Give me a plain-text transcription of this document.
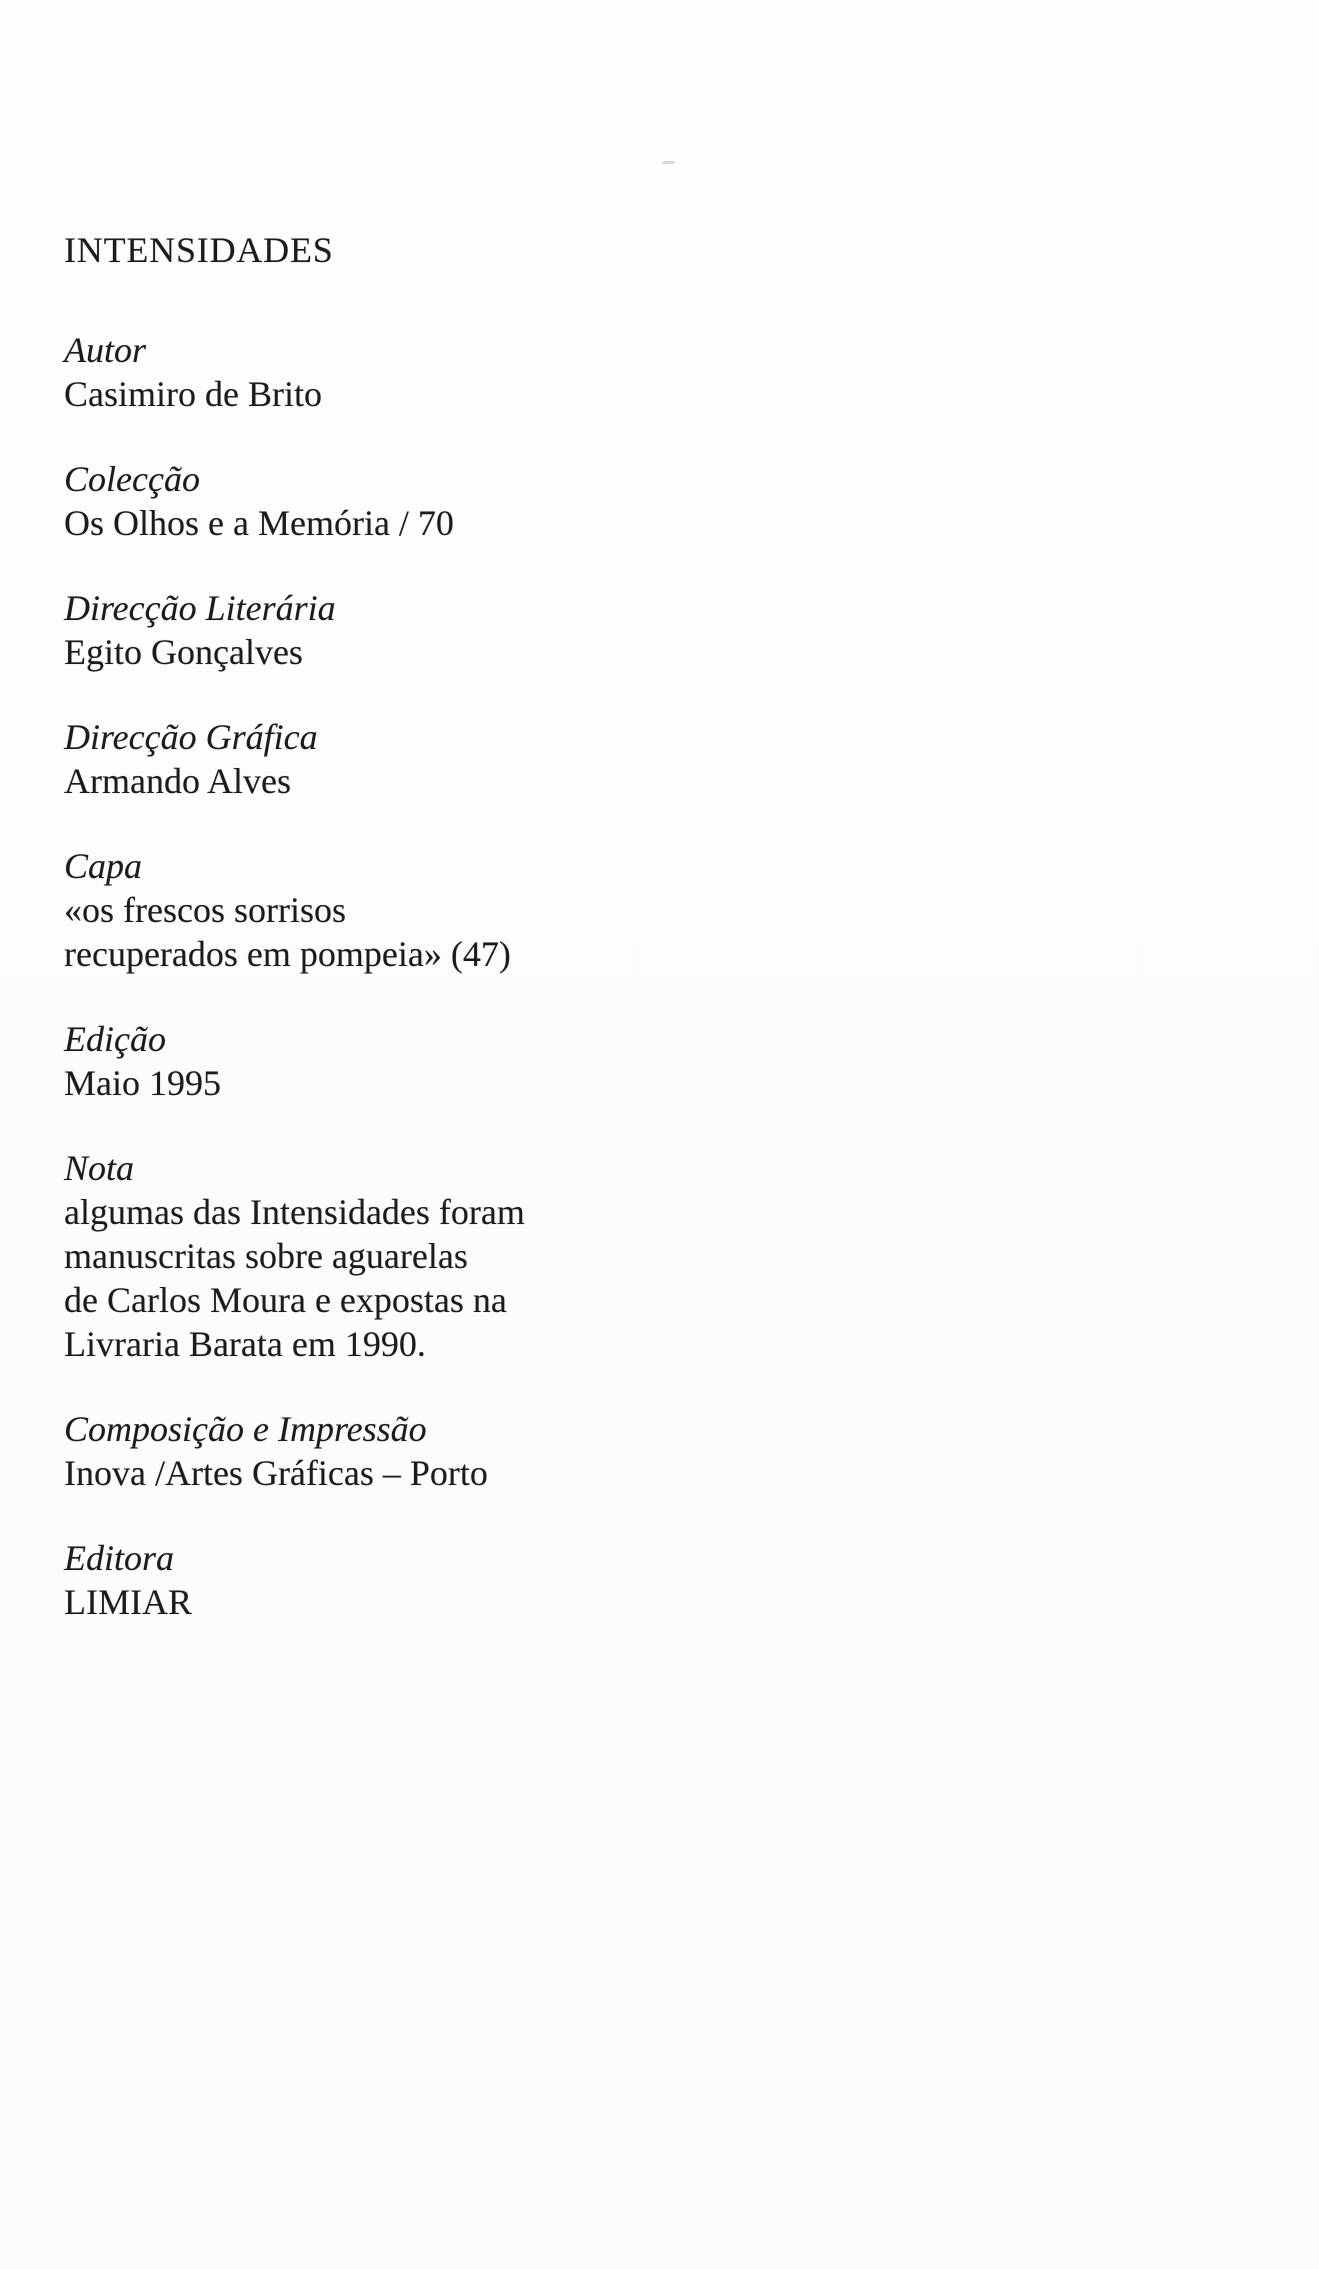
INTENSIDADES

Autor

Casimiro de Brito

Colecção

Os Olhos e a Memória / 70

Direcção Literária

Egito Gonçalves

Direcção Gráfica

Armando Alves

Capa

«os frescos sorrisos

recuperados em pompeia» (47)

Edição

Maio 1995

Nota

algumas das Intensidades foram

manuscritas sobre aguarelas

de Carlos Moura e expostas na

Livraria Barata em 1990.

Composição e Impressão

Inova /Artes Gráficas – Porto

Editora

LIMIAR
